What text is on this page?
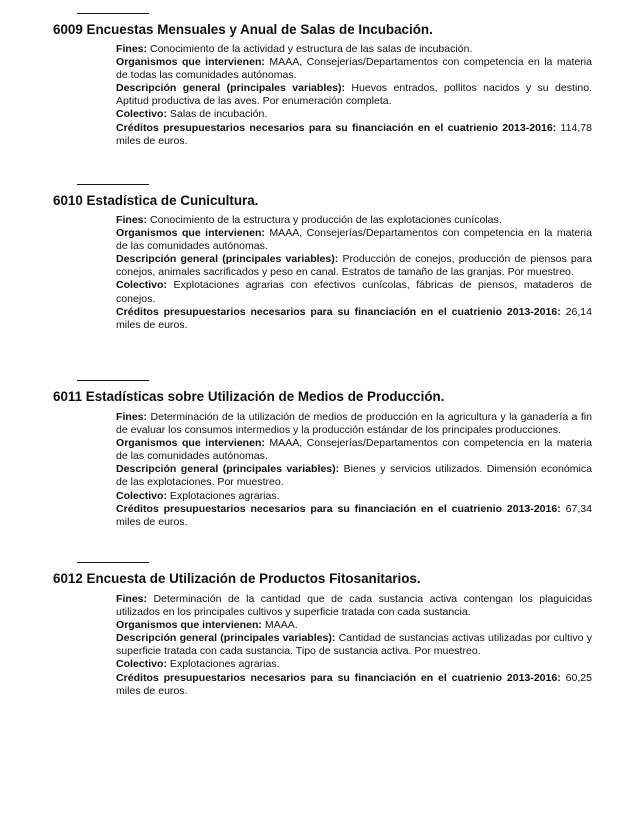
6009 Encuestas Mensuales y Anual de Salas de Incubación.

Fines: Conocimiento de la actividad y estructura de las salas de incubación.

Organismos que intervienen: MAAA, Consejerías/Departamentos con competencia en la materia de todas las comunidades autónomas.

Descripción general (principales variables): Huevos entrados, pollitos nacidos y su destino. Aptitud productiva de las aves. Por enumeración completa.

Colectivo: Salas de incubación.

Créditos presupuestarios necesarios para su financiación en el cuatrienio 2013-2016: 114,78 miles de euros.

6010 Estadística de Cunicultura.

Fines: Conocimiento de la estructura y producción de las explotaciones cunícolas.

Organismos que intervienen: MAAA, Consejerías/Departamentos con competencia en la materia de las comunidades autónomas.

Descripción general (principales variables): Producción de conejos, producción de piensos para conejos, animales sacrificados y peso en canal. Estratos de tamaño de las granjas. Por muestreo.

Colectivo: Explotaciones agrarias con efectivos cunícolas, fábricas de piensos, mataderos de conejos.

Créditos presupuestarios necesarios para su financiación en el cuatrienio 2013-2016: 26,14 miles de euros.

6011 Estadísticas sobre Utilización de Medios de Producción.

Fines: Determinación de la utilización de medios de producción en la agricultura y la ganadería a fin de evaluar los consumos intermedios y la producción estándar de los principales producciones.

Organismos que intervienen: MAAA, Consejerías/Departamentos con competencia en la materia de las comunidades autónomas.

Descripción general (principales variables): Bienes y servicios utilizados. Dimensión económica de las explotaciones. Por muestreo.

Colectivo: Explotaciones agrarias.

Créditos presupuestarios necesarios para su financiación en el cuatrienio 2013-2016: 67,34 miles de euros.

6012 Encuesta de Utilización de Productos Fitosanitarios.

Fines: Determinación de la cantidad que de cada sustancia activa contengan los plaguicidas utilizados en los principales cultivos y superficie tratada con cada sustancia.

Organismos que intervienen: MAAA.

Descripción general (principales variables): Cantidad de sustancias activas utilizadas por cultivo y superficie tratada con cada sustancia. Tipo de sustancia activa. Por muestreo.

Colectivo: Explotaciones agrarias.

Créditos presupuestarios necesarios para su financiación en el cuatrienio 2013-2016: 60,25 miles de euros.
